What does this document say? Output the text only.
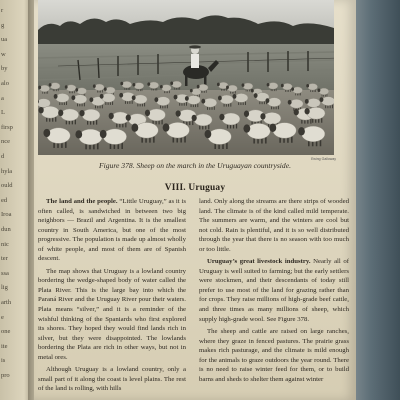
r
g
ua
w
by
alo
a
L
firsp
nce
d
hyla
ould
ed
Iroa
dun
nic
ter
ssa
lig
arth
e
one
ite
is
pro
Ewing Galloway
Figure 378. Sheep on the march in the Uruguayan countryside.
VIII. Uruguay

The land and the people. “Little Uruguay,” as it is often called, is sandwiched in between two big neighbors — Brazil and Argentina. It is the smallest country in South America, but one of the most progressive. The population is made up almost wholly of white people, and most of them are of Spanish descent.

The map shows that Uruguay is a lowland country bordering the wedge-shaped body of water called the Plata River. This is the large bay into which the Paraná River and the Uruguay River pour their waters. Plata means “silver,” and it is a reminder of the wishful thinking of the Spaniards who first explored its shores. They hoped they would find lands rich in silver, but they were disappointed. The lowlands bordering the Plata are rich in other ways, but not in metal ores.

Although Uruguay is a lowland country, only a small part of it along the coast is level plains. The rest of the land is rolling, with hills

land. Only along the streams are there strips of wooded land. The climate is of the kind called mild temperate. The summers are warm, and the winters are cool but not cold. Rain is plentiful, and it is so well distributed through the year that there is no season with too much or too little.

Uruguay’s great livestock industry. Nearly all of Uruguay is well suited to farming; but the early settlers were stockmen, and their descendants of today still prefer to use most of the land for grazing rather than for crops. They raise millions of high-grade beef cattle, and three times as many millions of sheep, which supply high-grade wool. See Figure 378.

The sheep and cattle are raised on large ranches, where they graze in fenced pastures. The prairie grass makes rich pasturage, and the climate is mild enough for the animals to graze outdoors the year round. There is no need to raise winter feed for them, or to build barns and sheds to shelter them against winter
